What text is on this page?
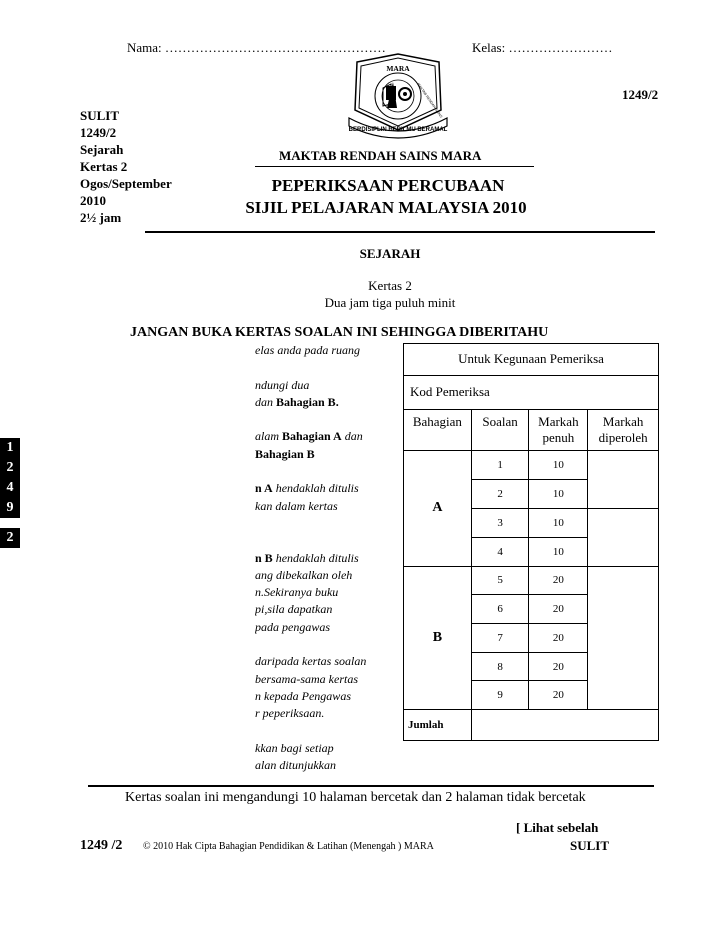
Nama: ……………………………………………	Kelas: ……………………
1249/2
MARA
MAKTAB RENDAH SAINS
BERDISIPLIN BERILMU BERAMAL
SULIT
1249/2
Sejarah
Kertas 2
Ogos/September
2010
2½ jam
MAKTAB RENDAH SAINS MARA
PEPERIKSAAN PERCUBAAN
SIJIL PELAJARAN MALAYSIA 2010
SEJARAH
Kertas 2
Dua jam tiga puluh minit
JANGAN BUKA KERTAS SOALAN INI SEHINGGA DIBERITAHU
1
2
4
9
2
elas anda pada ruang
ndungi dua
dan Bahagian B.
alam Bahagian A dan
Bahagian B
n A hendaklah ditulis
kan dalam kertas
n B hendaklah ditulis
ang dibekalkan oleh
n.Sekiranya buku
pi,sila dapatkan
pada pengawas
daripada kertas soalan
bersama-sama kertas
n kepada Pengawas
r peperiksaan.
kkan bagi setiap
alan ditunjukkan
Untuk Kegunaan Pemeriksa			
Kod Pemeriksa			
Bahagian	Soalan	Markah penuh	Markah diperoleh
A	1	10	
	2	10	
	3	10	
	4	10	
B	5	20	
	6	20	
	7	20	
	8	20	
	9	20	
Jumlah			
Kertas soalan ini mengandungi 10 halaman bercetak dan 2 halaman tidak bercetak
[ Lihat sebelah
1249 /2 © 2010 Hak Cipta Bahagian Pendidikan & Latihan (Menengah ) MARA	SULIT
